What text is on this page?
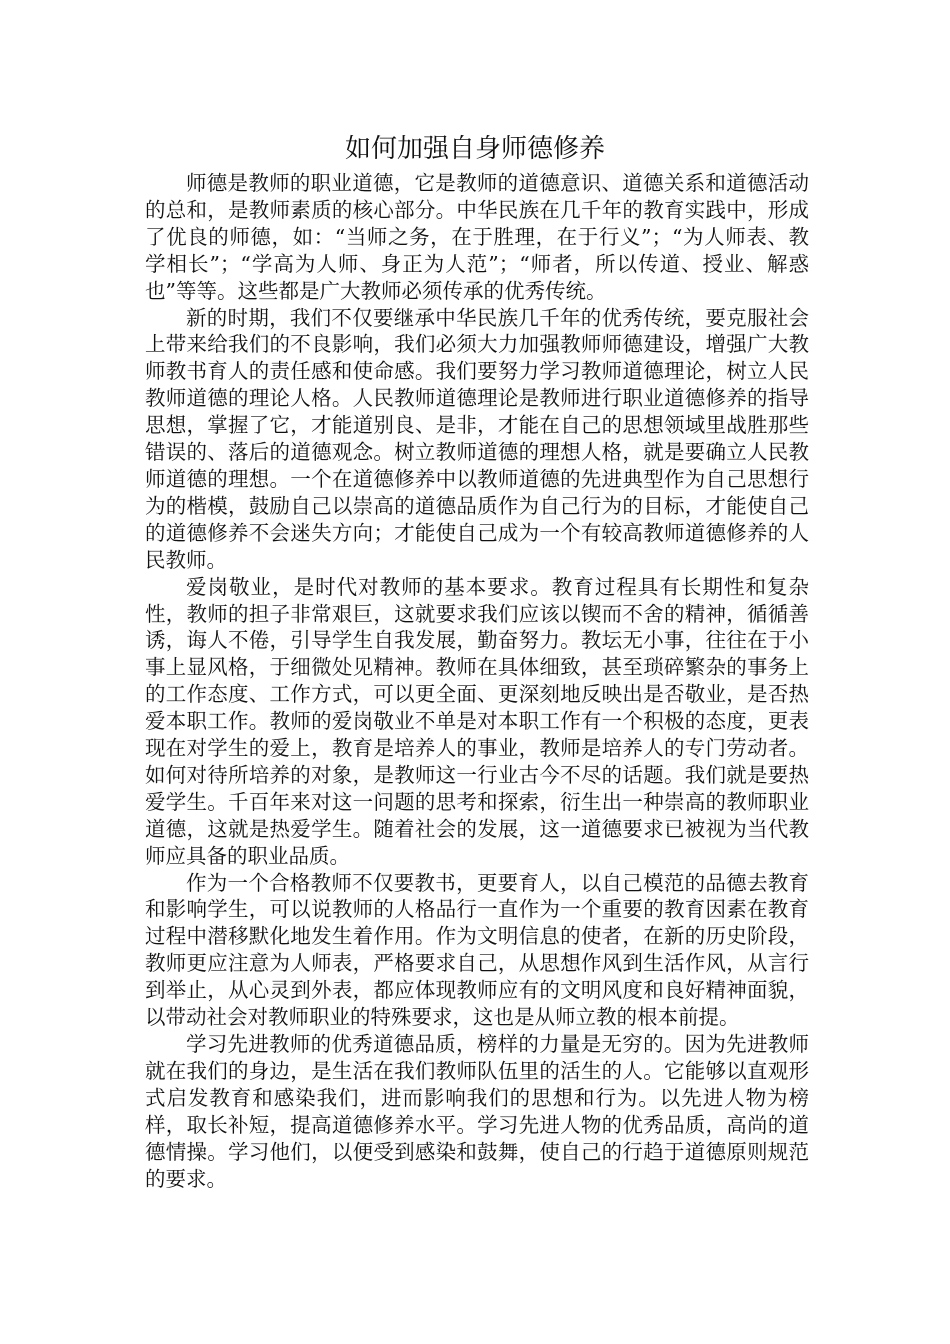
如何加强自身师德修养

师德是教师的职业道德，它是教师的道德意识、道德关系和道德活动的总和，是教师素质的核心部分。中华民族在几千年的教育实践中，形成了优良的师德，如：“当师之务，在于胜理，在于行义”；“为人师表、教学相长”；“学高为人师、身正为人范”；“师者，所以传道、授业、解惑也”等等。这些都是广大教师必须传承的优秀传统。

新的时期，我们不仅要继承中华民族几千年的优秀传统，要克服社会上带来给我们的不良影响，我们必须大力加强教师师德建设，增强广大教师教书育人的责任感和使命感。我们要努力学习教师道德理论，树立人民教师道德的理论人格。人民教师道德理论是教师进行职业道德修养的指导思想，掌握了它，才能道别良、是非，才能在自己的思想领域里战胜那些错误的、落后的道德观念。树立教师道德的理想人格，就是要确立人民教师道德的理想。一个在道德修养中以教师道德的先进典型作为自己思想行为的楷模，鼓励自己以崇高的道德品质作为自己行为的目标，才能使自己的道德修养不会迷失方向；才能使自己成为一个有较高教师道德修养的人民教师。

爱岗敬业，是时代对教师的基本要求。教育过程具有长期性和复杂性，教师的担子非常艰巨，这就要求我们应该以锲而不舍的精神，循循善诱，诲人不倦，引导学生自我发展，勤奋努力。教坛无小事，往往在于小事上显风格，于细微处见精神。教师在具体细致，甚至琐碎繁杂的事务上的工作态度、工作方式，可以更全面、更深刻地反映出是否敬业，是否热爱本职工作。教师的爱岗敬业不单是对本职工作有一个积极的态度，更表现在对学生的爱上，教育是培养人的事业，教师是培养人的专门劳动者。如何对待所培养的对象，是教师这一行业古今不尽的话题。我们就是要热爱学生。千百年来对这一问题的思考和探索，衍生出一种崇高的教师职业道德，这就是热爱学生。随着社会的发展，这一道德要求已被视为当代教师应具备的职业品质。

作为一个合格教师不仅要教书，更要育人，以自己模范的品德去教育和影响学生，可以说教师的人格品行一直作为一个重要的教育因素在教育过程中潜移默化地发生着作用。作为文明信息的使者，在新的历史阶段，教师更应注意为人师表，严格要求自己，从思想作风到生活作风，从言行到举止，从心灵到外表，都应体现教师应有的文明风度和良好精神面貌，以带动社会对教师职业的特殊要求，这也是从师立教的根本前提。

学习先进教师的优秀道德品质，榜样的力量是无穷的。因为先进教师就在我们的身边，是生活在我们教师队伍里的活生的人。它能够以直观形式启发教育和感染我们，进而影响我们的思想和行为。以先进人物为榜样，取长补短，提高道德修养水平。学习先进人物的优秀品质，高尚的道德情操。学习他们，以便受到感染和鼓舞，使自己的行趋于道德原则规范的要求。
